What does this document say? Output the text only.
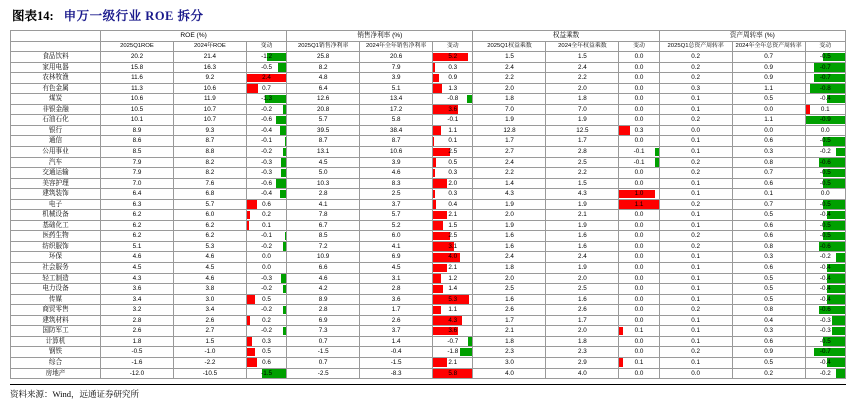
图表14: 申万一级行业 ROE 拆分
	ROE (%)			销售净利率 (%)			权益乘数			资产周转率 (%)		
	2025Q1ROE	2024年ROE	变动	2025Q1销售净利率	2024年全年销售净利率	变动	2025Q1权益乘数	2024全年权益乘数	变动	2025Q1总资产周转率	2024年全年总资产周转率	变动
食品饮料	20.2	21.4	-1.2	25.8	20.6	5.2	1.5	1.5	0.0	0.2	0.7	-0.5
家用电器	15.8	16.3	-0.5	8.2	7.9	0.3	2.4	2.4	0.0	0.2	0.9	-0.7
农林牧渔	11.6	9.2	2.4	4.8	3.9	0.9	2.2	2.2	0.0	0.2	0.9	-0.7
有色金属	11.3	10.6	0.7	6.4	5.1	1.3	2.0	2.0	0.0	0.3	1.1	-0.8
煤炭	10.6	11.9	-1.3	12.6	13.4	-0.8	1.8	1.8	0.0	0.1	0.5	-0.4
非银金融	10.5	10.7	-0.2	20.8	17.2	3.6	7.0	7.0	0.0	0.1	0.0	0.1
石油石化	10.1	10.7	-0.6	5.7	5.8	-0.1	1.9	1.9	0.0	0.2	1.1	-0.9
银行	8.9	9.3	-0.4	39.5	38.4	1.1	12.8	12.5	0.3	0.0	0.0	0.0
通信	8.6	8.7	-0.1	8.7	8.7	0.1	1.7	1.7	0.0	0.1	0.6	-0.5
公用事业	8.5	8.8	-0.2	13.1	10.6	2.5	2.7	2.8	-0.1	0.1	0.3	-0.2
汽车	7.9	8.2	-0.3	4.5	3.9	0.5	2.4	2.5	-0.1	0.2	0.8	-0.6
交通运输	7.9	8.2	-0.3	5.0	4.6	0.3	2.2	2.2	0.0	0.2	0.7	-0.5
美容护理	7.0	7.6	-0.6	10.3	8.3	2.0	1.4	1.5	0.0	0.1	0.6	-0.5
建筑装饰	6.4	6.8	-0.4	2.8	2.5	0.3	4.3	4.3	1.0	0.1	0.1	0.0
电子	6.3	5.7	0.6	4.1	3.7	0.4	1.9	1.9	1.1	0.2	0.7	-0.5
机械设备	6.2	6.0	0.2	7.8	5.7	2.1	2.0	2.1	0.0	0.1	0.5	-0.4
基础化工	6.2	6.2	0.1	6.7	5.2	1.5	1.9	1.9	0.0	0.1	0.6	-0.5
医药生物	6.2	6.2	-0.1	8.5	6.0	2.5	1.6	1.6	0.0	0.2	0.6	-0.5
纺织服饰	5.1	5.3	-0.2	7.2	4.1	3.1	1.6	1.6	0.0	0.2	0.8	-0.6
环保	4.6	4.6	0.0	10.9	6.9	4.0	2.4	2.4	0.0	0.1	0.3	-0.2
社会服务	4.5	4.5	0.0	6.6	4.5	2.1	1.8	1.9	0.0	0.1	0.6	-0.4
轻工制造	4.3	4.6	-0.3	4.6	3.1	1.2	2.0	2.0	0.0	0.1	0.5	-0.4
电力设备	3.6	3.8	-0.2	4.2	2.8	1.4	2.5	2.5	0.0	0.1	0.5	-0.4
传媒	3.4	3.0	0.5	8.9	3.6	5.3	1.6	1.6	0.0	0.1	0.5	-0.4
商贸零售	3.2	3.4	-0.2	2.8	1.7	1.1	2.6	2.6	0.0	0.2	0.8	-0.6
建筑材料	2.8	2.6	0.2	6.9	2.6	4.3	1.7	1.7	0.0	0.1	0.4	-0.3
国防军工	2.6	2.7	-0.2	7.3	3.7	3.6	2.1	2.0	0.1	0.1	0.3	-0.3
计算机	1.8	1.5	0.3	0.7	1.4	-0.7	1.8	1.8	0.0	0.1	0.6	-0.5
钢铁	-0.5	-1.0	0.5	-1.5	-0.4	-1.8	2.3	2.3	0.0	0.2	0.9	-0.7
综合	-1.6	-2.2	0.6	0.7	-1.5	2.1	3.0	2.9	0.1	0.1	0.5	-0.4
房地产	-12.0	-10.5	-1.5	-2.5	-8.3	5.8	4.0	4.0	0.0	0.0	0.2	-0.2
资料来源：Wind，远通证券研究所
